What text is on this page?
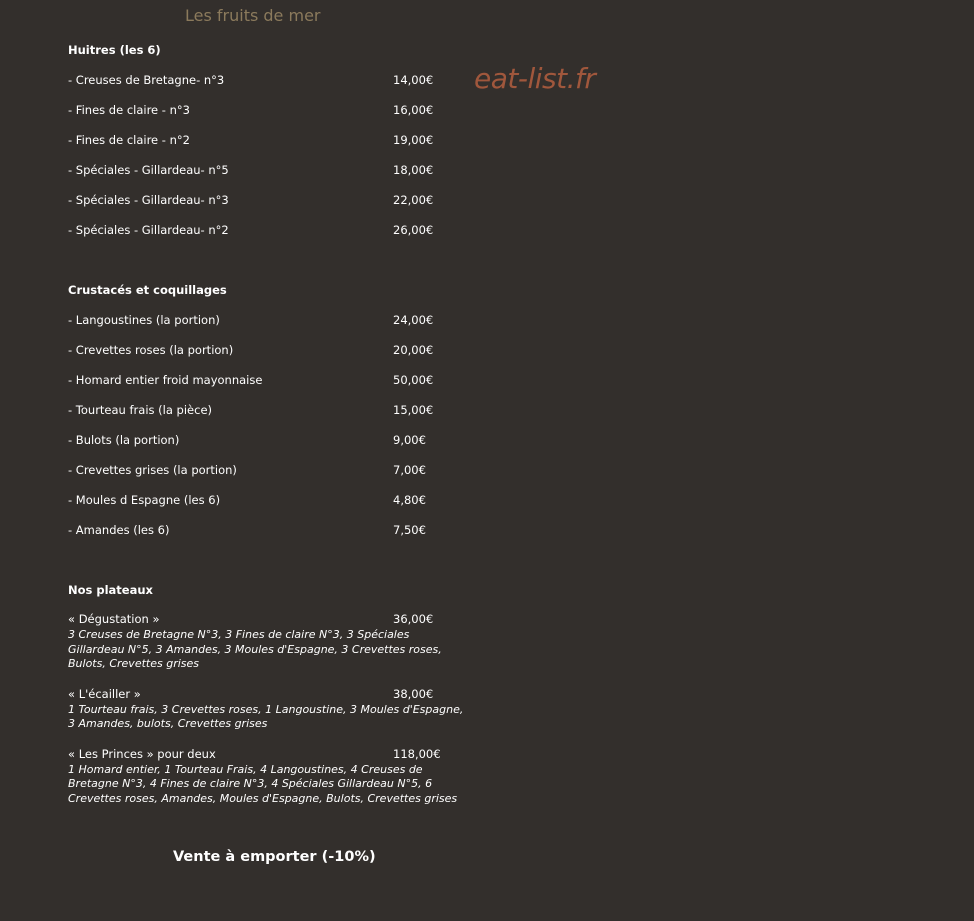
Les fruits de mer
eat-list.fr
Huitres (les 6)
- Creuses de Bretagne- n°3	14,00€
- Fines de claire - n°3	16,00€
- Fines de claire - n°2	19,00€
- Spéciales - Gillardeau- n°5	18,00€
- Spéciales - Gillardeau- n°3	22,00€
- Spéciales - Gillardeau- n°2	26,00€
Crustacés et coquillages
- Langoustines (la portion)	24,00€
- Crevettes roses (la portion)	20,00€
- Homard entier froid mayonnaise	50,00€
- Tourteau frais (la pièce)	15,00€
- Bulots (la portion)	9,00€
- Crevettes grises (la portion)	7,00€
- Moules d Espagne (les 6)	4,80€
- Amandes (les 6)	7,50€
Nos plateaux
« Dégustation »	36,00€
3 Creuses de Bretagne N°3, 3 Fines de claire N°3, 3 Spéciales Gillardeau N°5, 3 Amandes, 3 Moules d'Espagne, 3 Crevettes roses, Bulots, Crevettes grises
« L'écailler »	38,00€
1 Tourteau frais, 3 Crevettes roses, 1 Langoustine, 3 Moules d'Espagne, 3 Amandes, bulots, Crevettes grises
« Les Princes » pour deux	118,00€
1 Homard entier, 1 Tourteau Frais, 4 Langoustines, 4 Creuses de Bretagne N°3, 4 Fines de claire N°3, 4 Spéciales Gillardeau N°5, 6 Crevettes roses, Amandes, Moules d'Espagne, Bulots, Crevettes grises
Vente à emporter (-10%)
